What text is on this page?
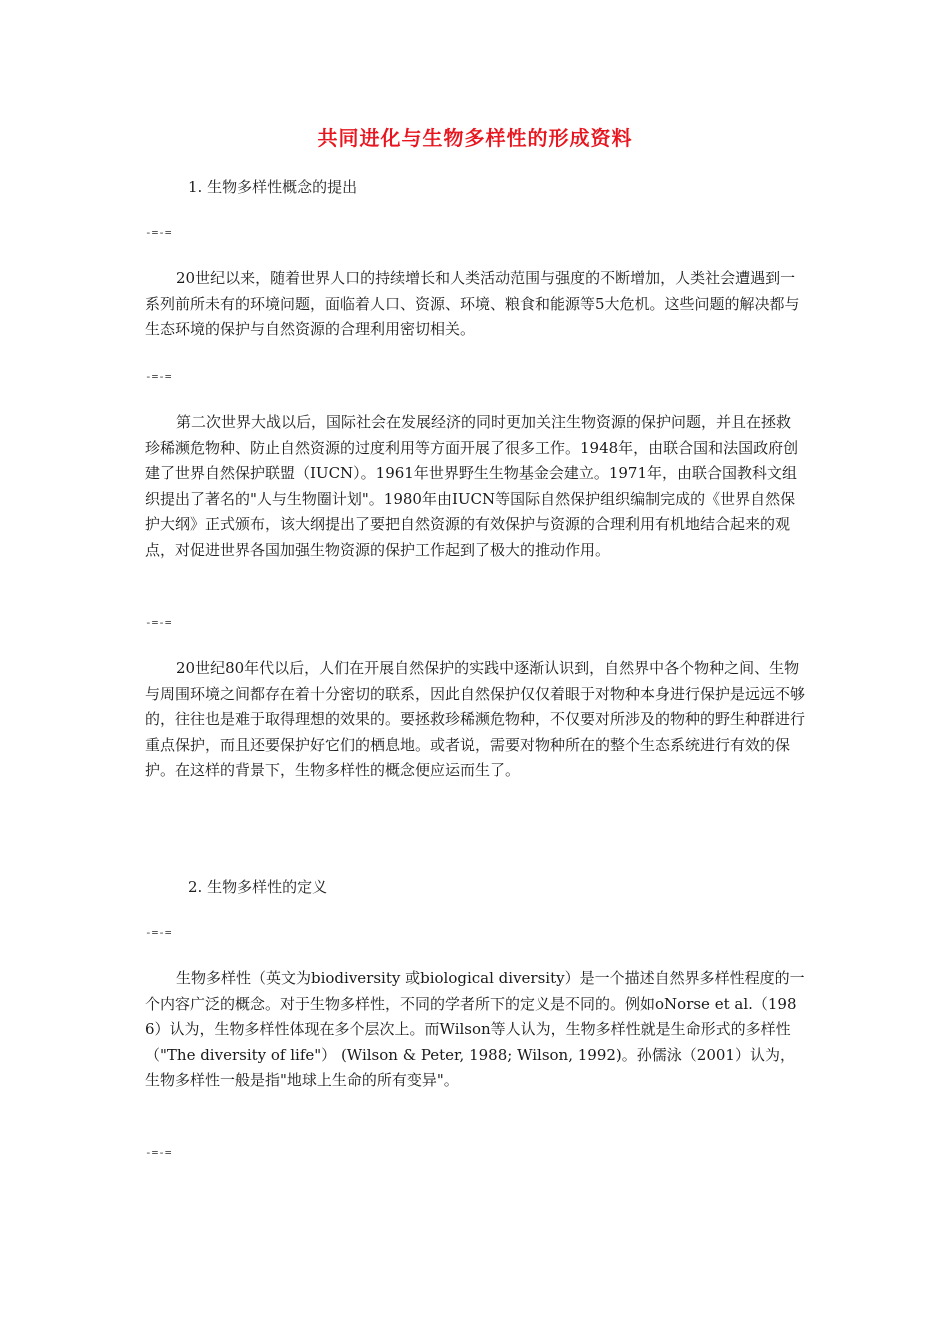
共同进化与生物多样性的形成资料
1. 生物多样性概念的提出
-=-=
20世纪以来，随着世界人口的持续增长和人类活动范围与强度的不断增加，人类社会遭遇到一系列前所未有的环境问题，面临着人口、资源、环境、粮食和能源等5大危机。这些问题的解决都与生态环境的保护与自然资源的合理利用密切相关。
-=-=
第二次世界大战以后，国际社会在发展经济的同时更加关注生物资源的保护问题，并且在拯救珍稀濒危物种、防止自然资源的过度利用等方面开展了很多工作。1948年，由联合国和法国政府创建了世界自然保护联盟（IUCN）。1961年世界野生生物基金会建立。1971年，由联合国教科文组织提出了著名的"人与生物圈计划"。1980年由IUCN等国际自然保护组织编制完成的《世界自然保护大纲》正式颁布，该大纲提出了要把自然资源的有效保护与资源的合理利用有机地结合起来的观点，对促进世界各国加强生物资源的保护工作起到了极大的推动作用。
-=-=
20世纪80年代以后，人们在开展自然保护的实践中逐渐认识到，自然界中各个物种之间、生物与周围环境之间都存在着十分密切的联系，因此自然保护仅仅着眼于对物种本身进行保护是远远不够的，往往也是难于取得理想的效果的。要拯救珍稀濒危物种，不仅要对所涉及的物种的野生种群进行重点保护，而且还要保护好它们的栖息地。或者说，需要对物种所在的整个生态系统进行有效的保护。在这样的背景下，生物多样性的概念便应运而生了。
2. 生物多样性的定义
-=-=
生物多样性（英文为biodiversity 或biological diversity）是一个描述自然界多样性程度的一个内容广泛的概念。对于生物多样性，不同的学者所下的定义是不同的。例如oNorse et al.（1986）认为，生物多样性体现在多个层次上。而Wilson等人认为，生物多样性就是生命形式的多样性（"The diversity of life"） (Wilson & Peter, 1988; Wilson, 1992)。孙儒泳（2001）认为，生物多样性一般是指"地球上生命的所有变异"。
-=-=
